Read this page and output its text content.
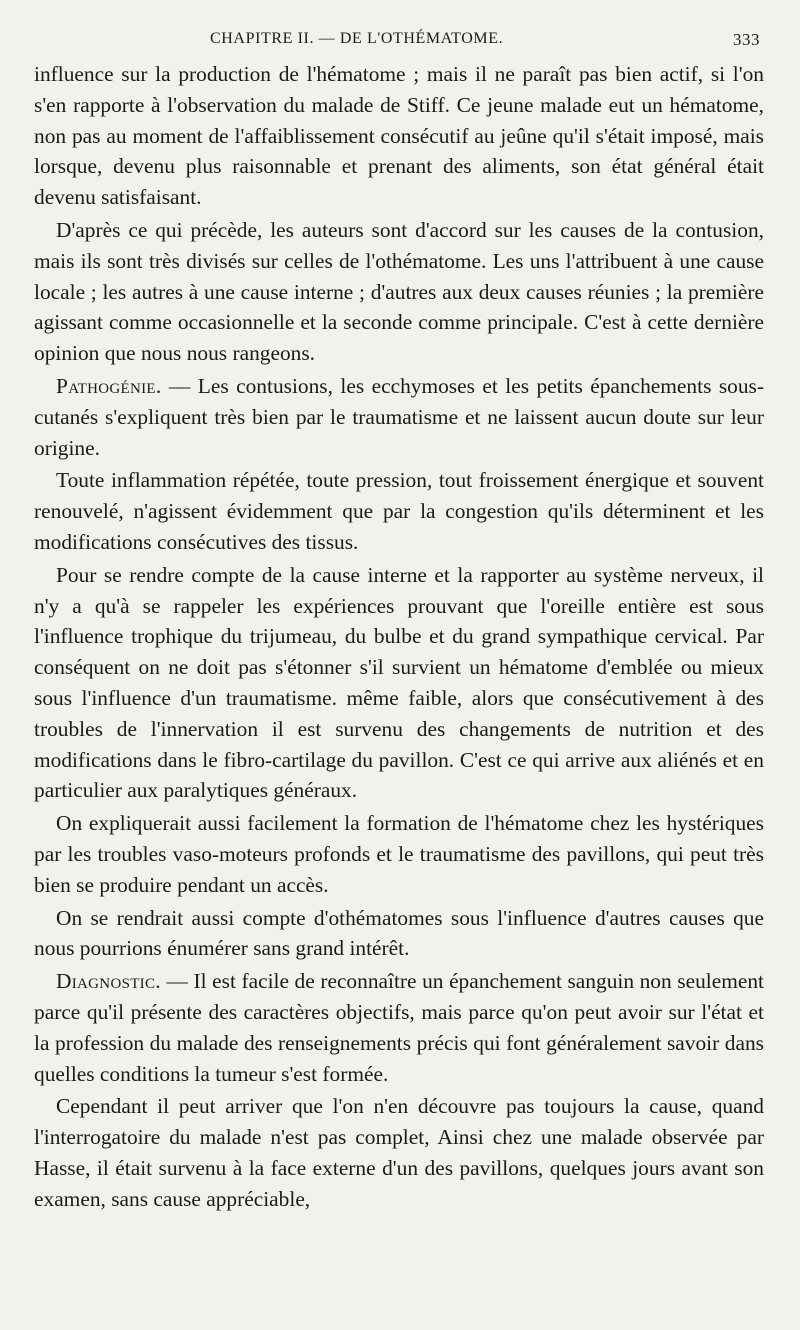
CHAPITRE II. — DE L'OTHÉMATOME.	333

influence sur la production de l'hématome ; mais il ne paraît pas bien actif, si l'on s'en rapporte à l'observation du malade de Stiff. Ce jeune malade eut un hématome, non pas au moment de l'affaiblissement consécutif au jeûne qu'il s'était imposé, mais lorsque, devenu plus raisonnable et prenant des aliments, son état général était devenu satisfaisant.

D'après ce qui précède, les auteurs sont d'accord sur les causes de la contusion, mais ils sont très divisés sur celles de l'othématome. Les uns l'attribuent à une cause locale ; les autres à une cause interne ; d'autres aux deux causes réunies ; la première agissant comme occasionnelle et la seconde comme principale. C'est à cette dernière opinion que nous nous rangeons.

Pathogénie. — Les contusions, les ecchymoses et les petits épanchements sous-cutanés s'expliquent très bien par le traumatisme et ne laissent aucun doute sur leur origine.

Toute inflammation répétée, toute pression, tout froissement énergique et souvent renouvelé, n'agissent évidemment que par la congestion qu'ils déterminent et les modifications consécutives des tissus.

Pour se rendre compte de la cause interne et la rapporter au système nerveux, il n'y a qu'à se rappeler les expériences prouvant que l'oreille entière est sous l'influence trophique du trijumeau, du bulbe et du grand sympathique cervical. Par conséquent on ne doit pas s'étonner s'il survient un hématome d'emblée ou mieux sous l'influence d'un traumatisme. même faible, alors que consécutivement à des troubles de l'innervation il est survenu des changements de nutrition et des modifications dans le fibro-cartilage du pavillon. C'est ce qui arrive aux aliénés et en particulier aux paralytiques généraux.

On expliquerait aussi facilement la formation de l'hématome chez les hystériques par les troubles vaso-moteurs profonds et le traumatisme des pavillons, qui peut très bien se produire pendant un accès.

On se rendrait aussi compte d'othématomes sous l'influence d'autres causes que nous pourrions énumérer sans grand intérêt.

Diagnostic. — Il est facile de reconnaître un épanchement sanguin non seulement parce qu'il présente des caractères objectifs, mais parce qu'on peut avoir sur l'état et la profession du malade des renseignements précis qui font généralement savoir dans quelles conditions la tumeur s'est formée.

Cependant il peut arriver que l'on n'en découvre pas toujours la cause, quand l'interrogatoire du malade n'est pas complet, Ainsi chez une malade observée par Hasse, il était survenu à la face externe d'un des pavillons, quelques jours avant son examen, sans cause appréciable,
